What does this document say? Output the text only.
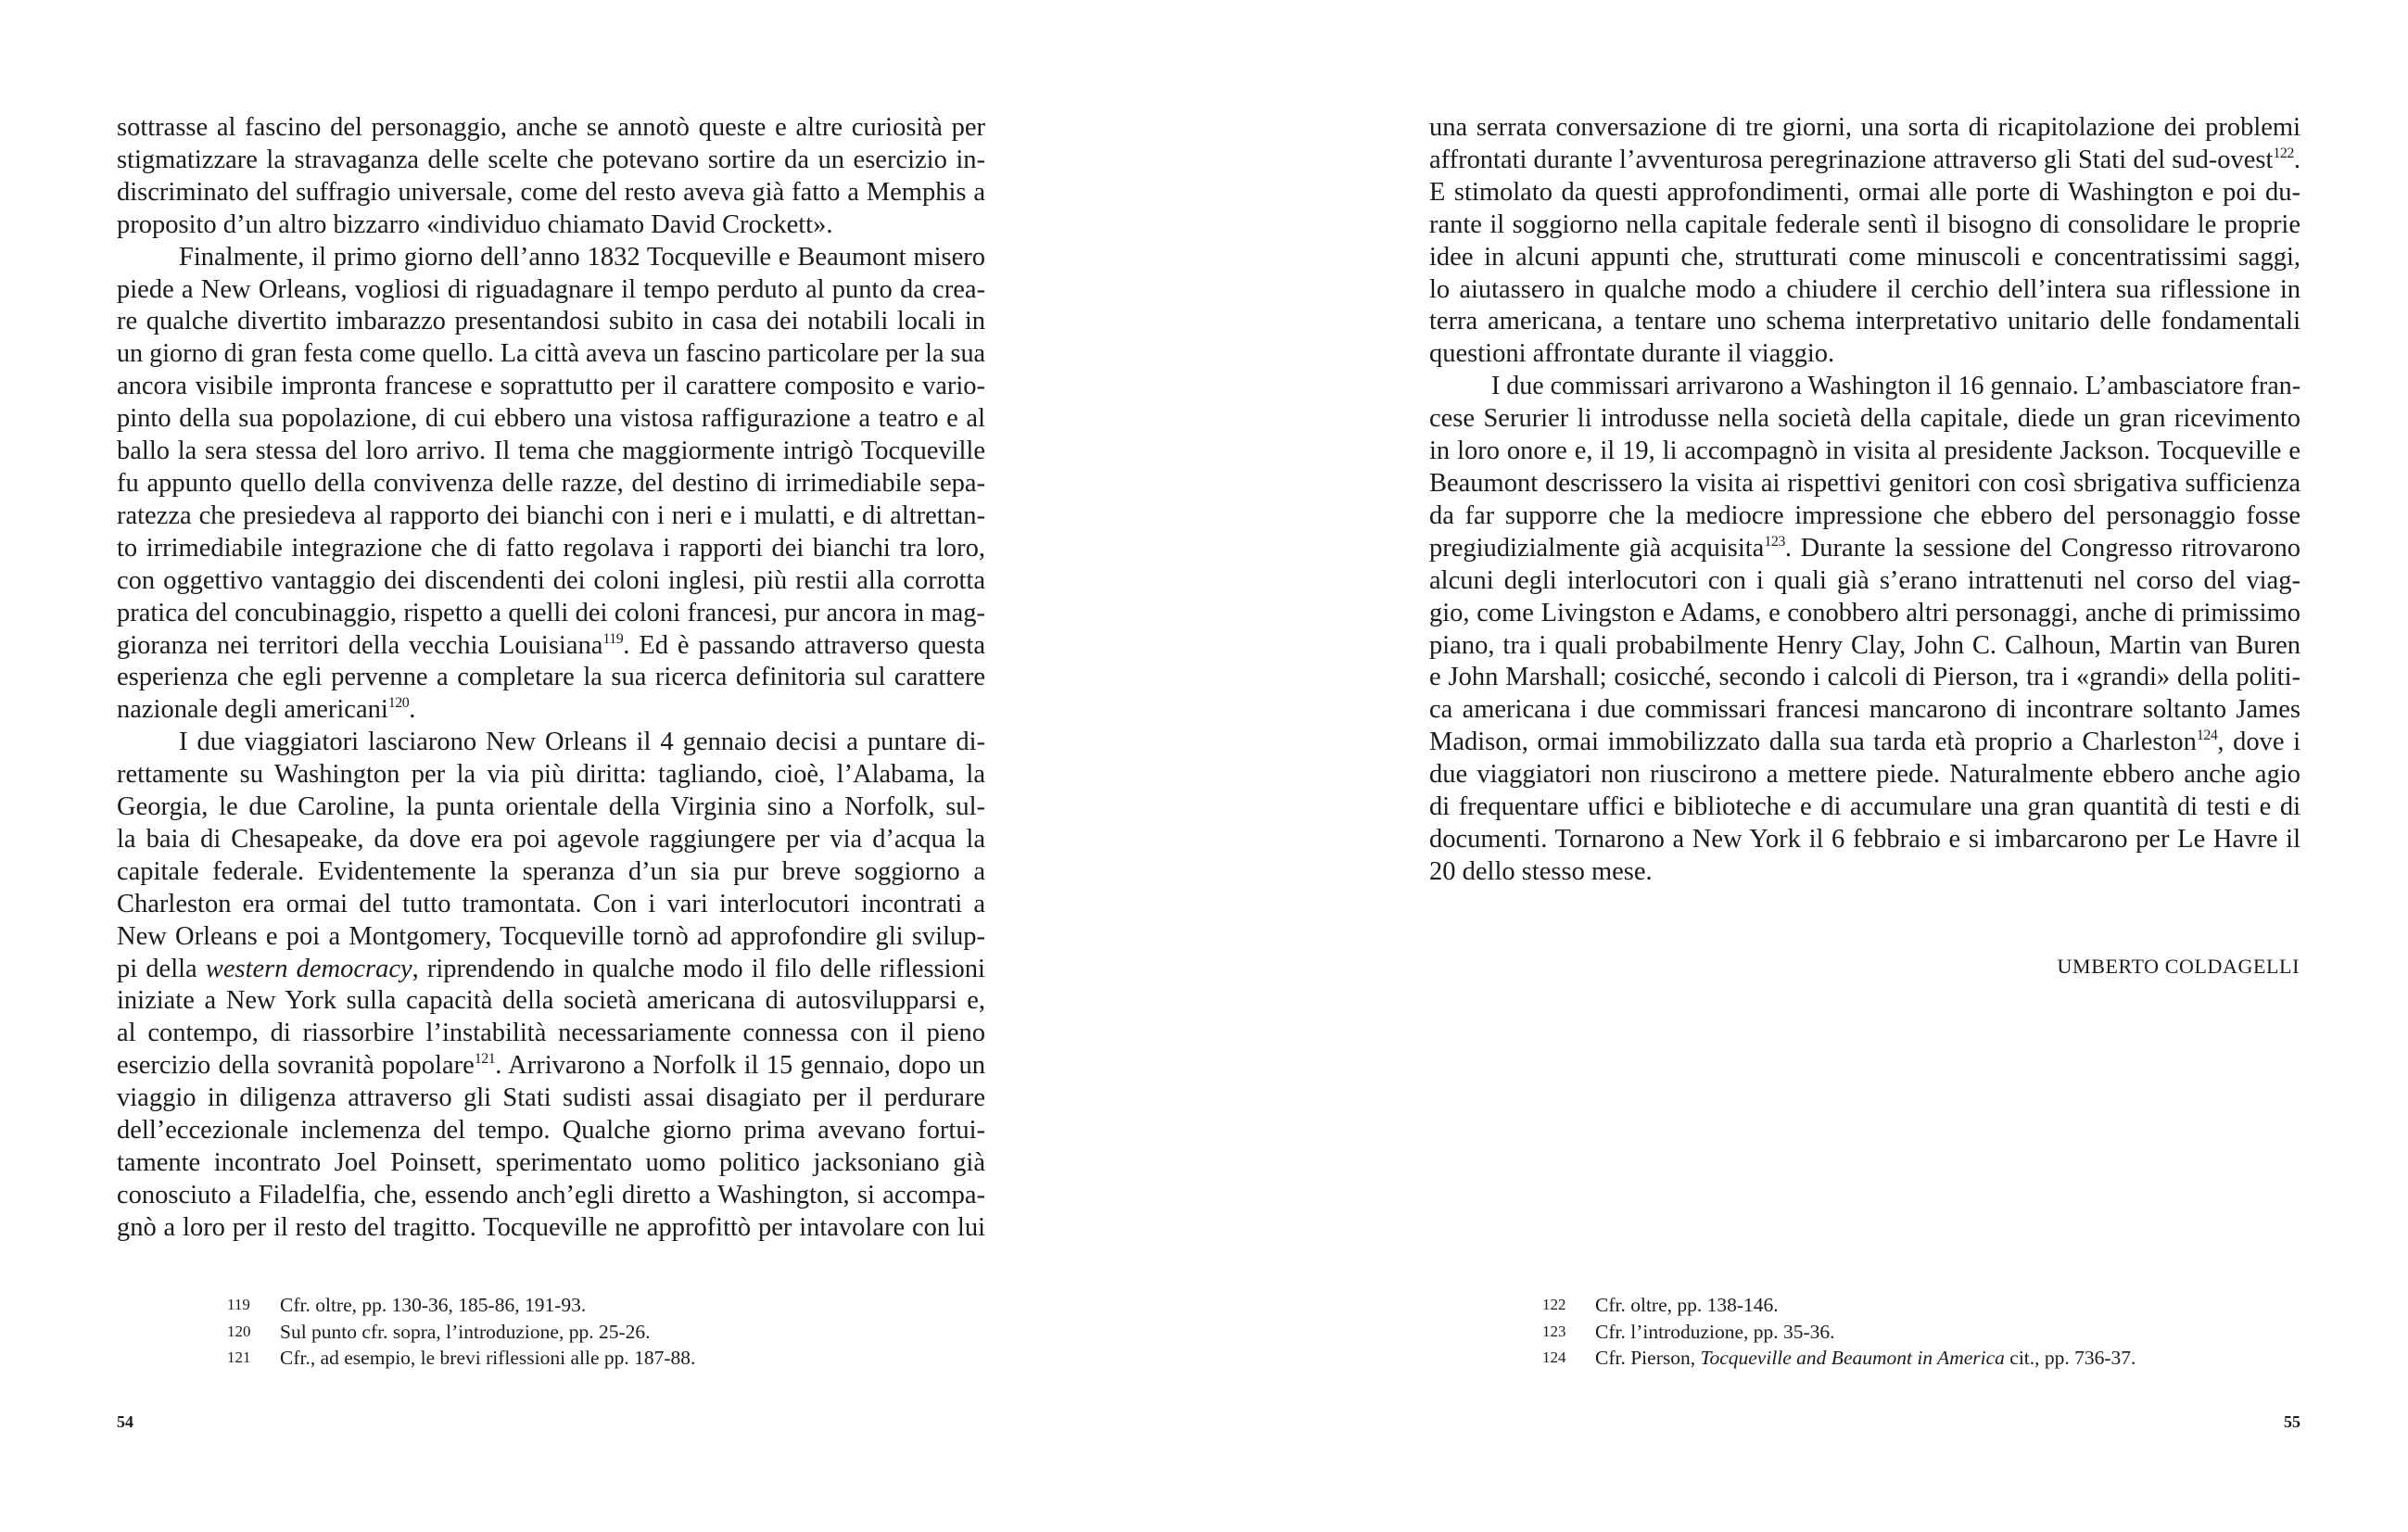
sottrasse al fascino del personaggio, anche se annotò queste e altre curiosità per
stigmatizzare la stravaganza delle scelte che potevano sortire da un esercizio in-
discriminato del suffragio universale, come del resto aveva già fatto a Memphis a
proposito d’un altro bizzarro «individuo chiamato David Crockett».
Finalmente, il primo giorno dell’anno 1832 Tocqueville e Beaumont misero
piede a New Orleans, vogliosi di riguadagnare il tempo perduto al punto da crea-
re qualche divertito imbarazzo presentandosi subito in casa dei notabili locali in
un giorno di gran festa come quello. La città aveva un fascino particolare per la sua
ancora visibile impronta francese e soprattutto per il carattere composito e vario-
pinto della sua popolazione, di cui ebbero una vistosa raffigurazione a teatro e al
ballo la sera stessa del loro arrivo. Il tema che maggiormente intrigò Tocqueville
fu appunto quello della convivenza delle razze, del destino di irrimediabile sepa-
ratezza che presiedeva al rapporto dei bianchi con i neri e i mulatti, e di altrettan-
to irrimediabile integrazione che di fatto regolava i rapporti dei bianchi tra loro,
con oggettivo vantaggio dei discendenti dei coloni inglesi, più restii alla corrotta
pratica del concubinaggio, rispetto a quelli dei coloni francesi, pur ancora in mag-
gioranza nei territori della vecchia Louisiana$^{119}$. Ed è passando attraverso questa
esperienza che egli pervenne a completare la sua ricerca definitoria sul carattere
nazionale degli americani$^{120}$.
I due viaggiatori lasciarono New Orleans il 4 gennaio decisi a puntare di-
rettamente su Washington per la via più diritta: tagliando, cioè, l’Alabama, la
Georgia, le due Caroline, la punta orientale della Virginia sino a Norfolk, sul-
la baia di Chesapeake, da dove era poi agevole raggiungere per via d’acqua la
capitale federale. Evidentemente la speranza d’un sia pur breve soggiorno a
Charleston era ormai del tutto tramontata. Con i vari interlocutori incontrati a
New Orleans e poi a Montgomery, Tocqueville tornò ad approfondire gli svilup-
pi della western democracy, riprendendo in qualche modo il filo delle riflessioni
iniziate a New York sulla capacità della società americana di autosvilupparsi e,
al contempo, di riassorbire l’instabilità necessariamente connessa con il pieno
esercizio della sovranità popolare$^{121}$. Arrivarono a Norfolk il 15 gennaio, dopo un
viaggio in diligenza attraverso gli Stati sudisti assai disagiato per il perdurare
dell’eccezionale inclemenza del tempo. Qualche giorno prima avevano fortui-
tamente incontrato Joel Poinsett, sperimentato uomo politico jacksoniano già
conosciuto a Filadelfia, che, essendo anch’egli diretto a Washington, si accompa-
gnò a loro per il resto del tragitto. Tocqueville ne approfittò per intavolare con lui
119	Cfr. oltre, pp. 130-36, 185-86, 191-93.
120	Sul punto cfr. sopra, l’introduzione, pp. 25-26.
121	Cfr., ad esempio, le brevi riflessioni alle pp. 187-88.
54
una serrata conversazione di tre giorni, una sorta di ricapitolazione dei problemi
affrontati durante l’avventurosa peregrinazione attraverso gli Stati del sud-ovest$^{122}$.
E stimolato da questi approfondimenti, ormai alle porte di Washington e poi du-
rante il soggiorno nella capitale federale sentì il bisogno di consolidare le proprie
idee in alcuni appunti che, strutturati come minuscoli e concentratissimi saggi,
lo aiutassero in qualche modo a chiudere il cerchio dell’intera sua riflessione in
terra americana, a tentare uno schema interpretativo unitario delle fondamentali
questioni affrontate durante il viaggio.
I due commissari arrivarono a Washington il 16 gennaio. L’ambasciatore fran-
cese Serurier li introdusse nella società della capitale, diede un gran ricevimento
in loro onore e, il 19, li accompagnò in visita al presidente Jackson. Tocqueville e
Beaumont descrissero la visita ai rispettivi genitori con così sbrigativa sufficienza
da far supporre che la mediocre impressione che ebbero del personaggio fosse
pregiudizialmente già acquisita$^{123}$. Durante la sessione del Congresso ritrovarono
alcuni degli interlocutori con i quali già s’erano intrattenuti nel corso del viag-
gio, come Livingston e Adams, e conobbero altri personaggi, anche di primissimo
piano, tra i quali probabilmente Henry Clay, John C. Calhoun, Martin van Buren
e John Marshall; cosicché, secondo i calcoli di Pierson, tra i «grandi» della politi-
ca americana i due commissari francesi mancarono di incontrare soltanto James
Madison, ormai immobilizzato dalla sua tarda età proprio a Charleston$^{124}$, dove i
due viaggiatori non riuscirono a mettere piede. Naturalmente ebbero anche agio
di frequentare uffici e biblioteche e di accumulare una gran quantità di testi e di
documenti. Tornarono a New York il 6 febbraio e si imbarcarono per Le Havre il
20 dello stesso mese.
UMBERTO COLDAGELLI
122	Cfr. oltre, pp. 138-146.
123	Cfr. l’introduzione, pp. 35-36.
124	Cfr. Pierson, Tocqueville and Beaumont in America cit., pp. 736-37.
55
